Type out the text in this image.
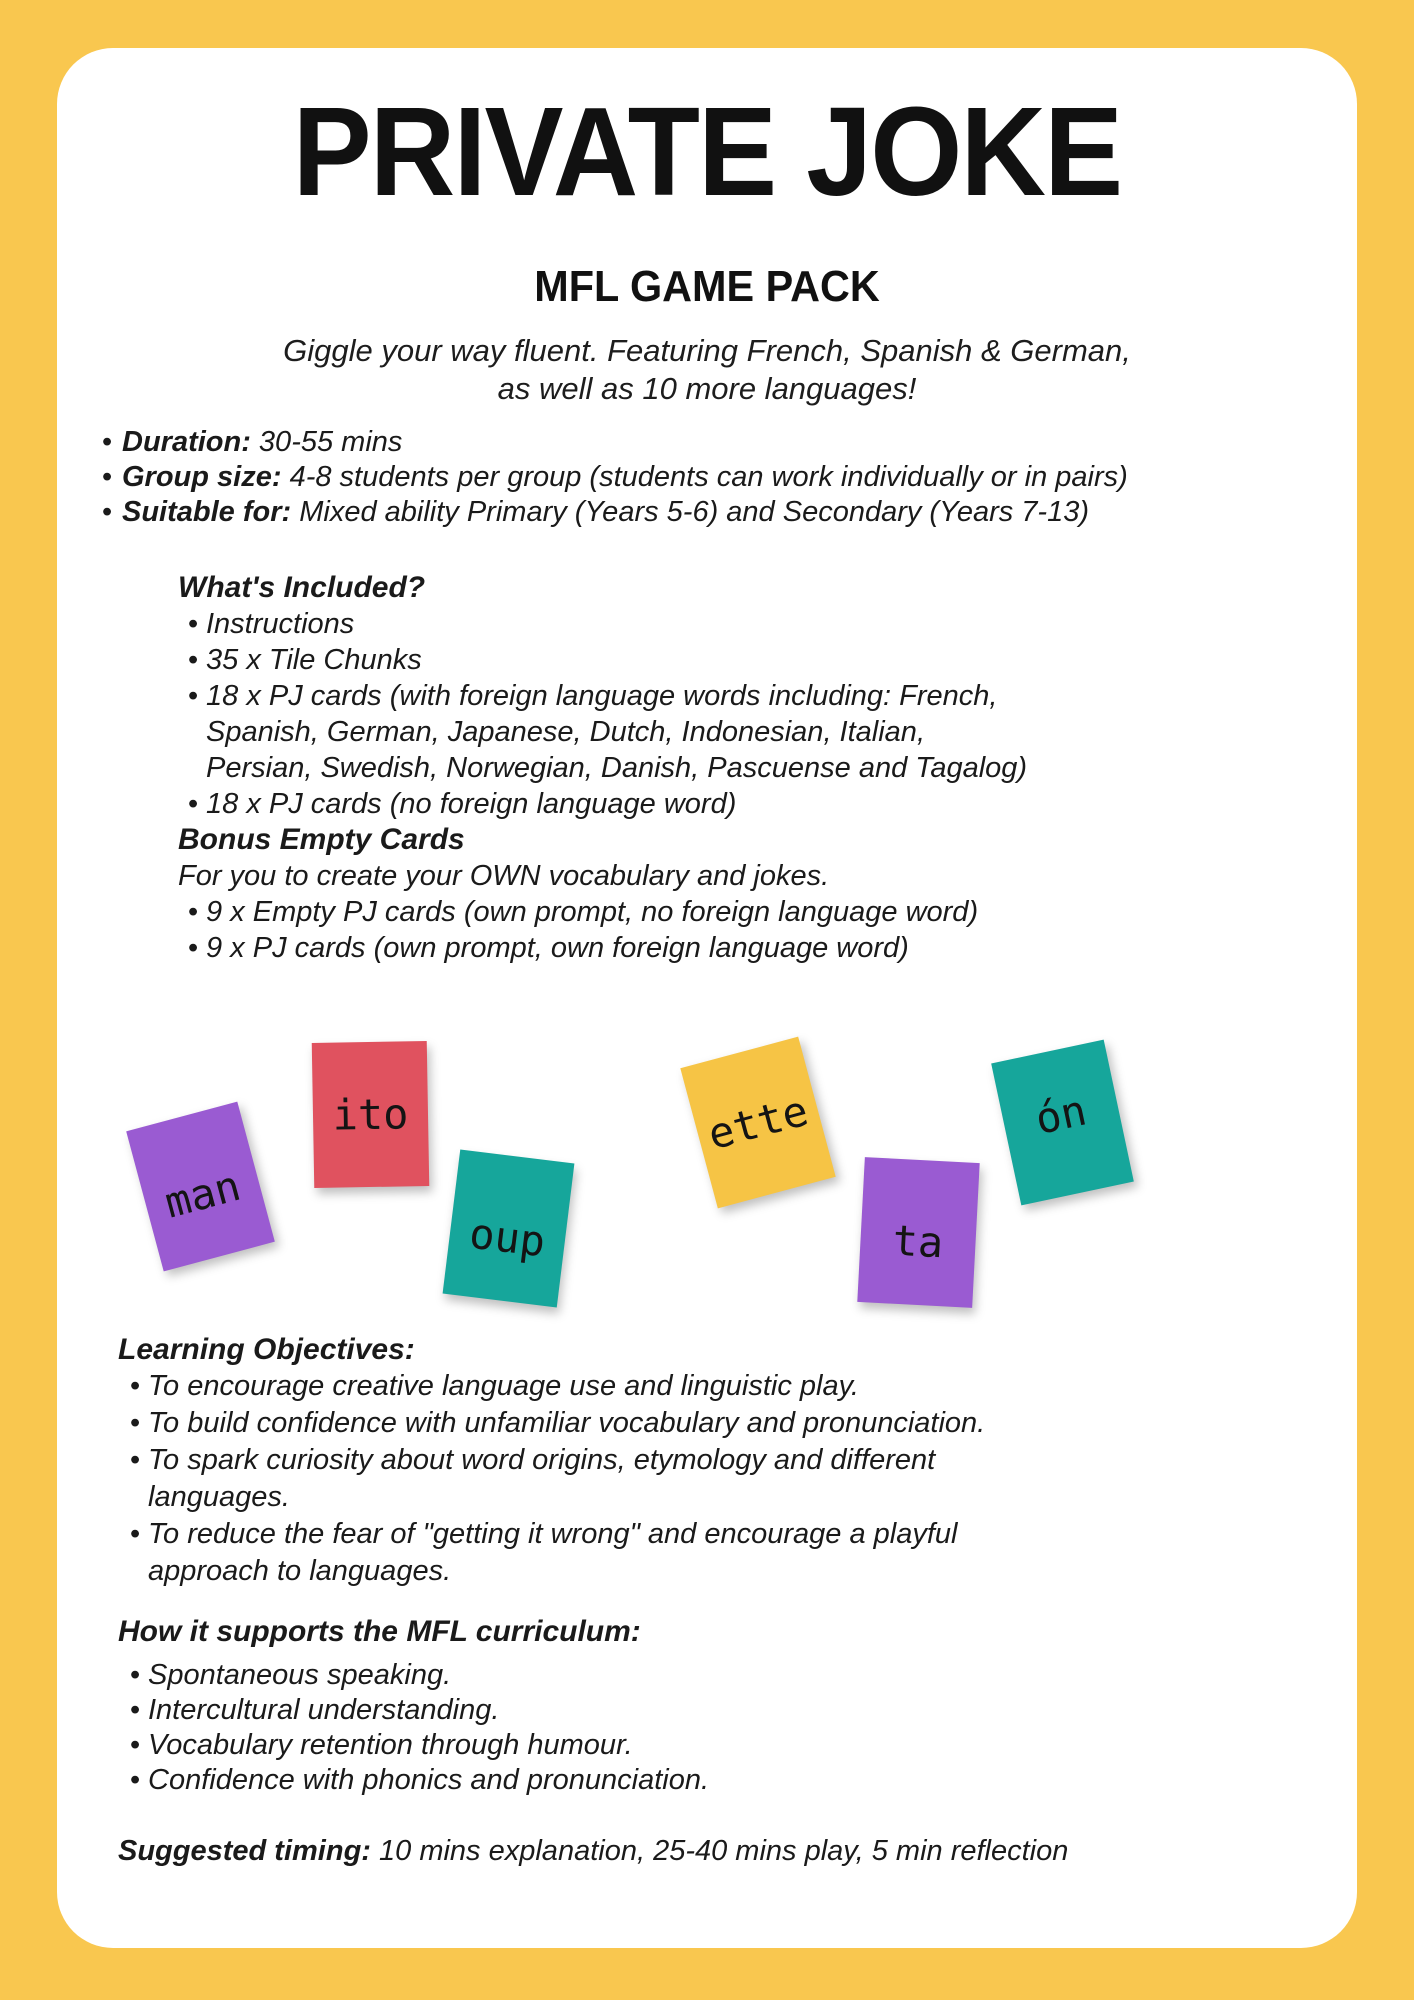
PRIVATE JOKE
MFL GAME PACK

Giggle your way fluent. Featuring French, Spanish & German,
as well as 10 more languages!

• Duration: 30-55 mins
• Group size: 4-8 students per group (students can work individually or in pairs)
• Suitable for: Mixed ability Primary (Years 5-6) and Secondary (Years 7-13)
What's Included?
• Instructions
• 35 x Tile Chunks
• 18 x PJ cards (with foreign language words including: French,
Spanish, German, Japanese, Dutch, Indonesian, Italian,
Persian, Swedish, Norwegian, Danish, Pascuense and Tagalog)
• 18 x PJ cards (no foreign language word)
Bonus Empty Cards

For you to create your OWN vocabulary and jokes.

• 9 x Empty PJ cards (own prompt, no foreign language word)
• 9 x PJ cards (own prompt, own foreign language word)
man
ito
oup
ette
ta
ón
Learning Objectives:
• To encourage creative language use and linguistic play.
• To build confidence with unfamiliar vocabulary and pronunciation.
• To spark curiosity about word origins, etymology and different
languages.
• To reduce the fear of "getting it wrong" and encourage a playful
approach to languages.
How it supports the MFL curriculum:
• Spontaneous speaking.
• Intercultural understanding.
• Vocabulary retention through humour.
• Confidence with phonics and pronunciation.

Suggested timing: 10 mins explanation, 25-40 mins play, 5 min reflection
